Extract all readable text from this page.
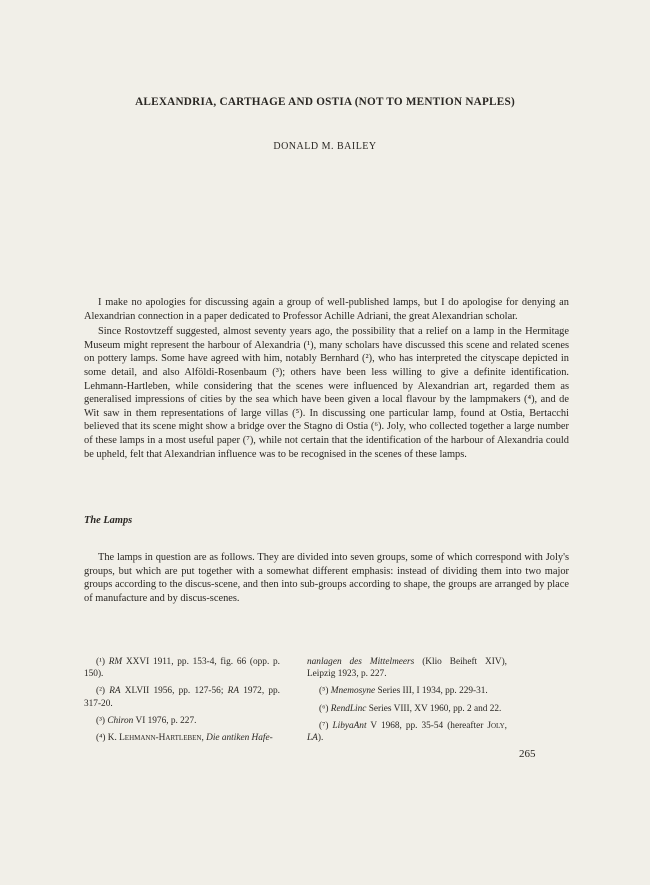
ALEXANDRIA, CARTHAGE AND OSTIA (NOT TO MENTION NAPLES)

DONALD M. BAILEY

I make no apologies for discussing again a group of well-published lamps, but I do apologise for denying an Alexandrian connection in a paper dedicated to Professor Achille Adriani, the great Alexandrian scholar.

Since Rostovtzeff suggested, almost seventy years ago, the possibility that a relief on a lamp in the Hermitage Museum might represent the harbour of Alexandria (¹), many scholars have discussed this scene and related scenes on pottery lamps. Some have agreed with him, notably Bernhard (²), who has interpreted the cityscape depicted in some detail, and also Alföldi-Rosenbaum (³); others have been less willing to give a definite identification. Lehmann-Hartleben, while considering that the scenes were influenced by Alexandrian art, regarded them as generalised impressions of cities by the sea which have been given a local flavour by the lampmakers (⁴), and de Wit saw in them representations of large villas (⁵). In discussing one particular lamp, found at Ostia, Bertacchi believed that its scene might show a bridge over the Stagno di Ostia (⁶). Joly, who collected together a large number of these lamps in a most useful paper (⁷), while not certain that the identification of the harbour of Alexandria could be upheld, felt that Alexandrian influence was to be recognised in the scenes of these lamps.

The Lamps

The lamps in question are as follows. They are divided into seven groups, some of which correspond with Joly's groups, but which are put together with a somewhat different emphasis: instead of dividing them into two major groups according to the discus-scene, and then into sub-groups according to shape, the groups are arranged by place of manufacture and by discus-scenes.

(¹) RM XXVI 1911, pp. 153-4, fig. 66 (opp. p. 150).

(²) RA XLVII 1956, pp. 127-56; RA 1972, pp. 317-20.

(³) Chiron VI 1976, p. 227.

(⁴) K. Lehmann-Hartleben, Die antiken Hafe-

nanlagen des Mittelmeers (Klio Beiheft XIV), Leipzig 1923, p. 227.

(⁵) Mnemosyne Series III, I 1934, pp. 229-31.

(⁶) RendLinc Series VIII, XV 1960, pp. 2 and 22.

(⁷) LibyaAnt V 1968, pp. 35-54 (hereafter Joly, LA).

265
